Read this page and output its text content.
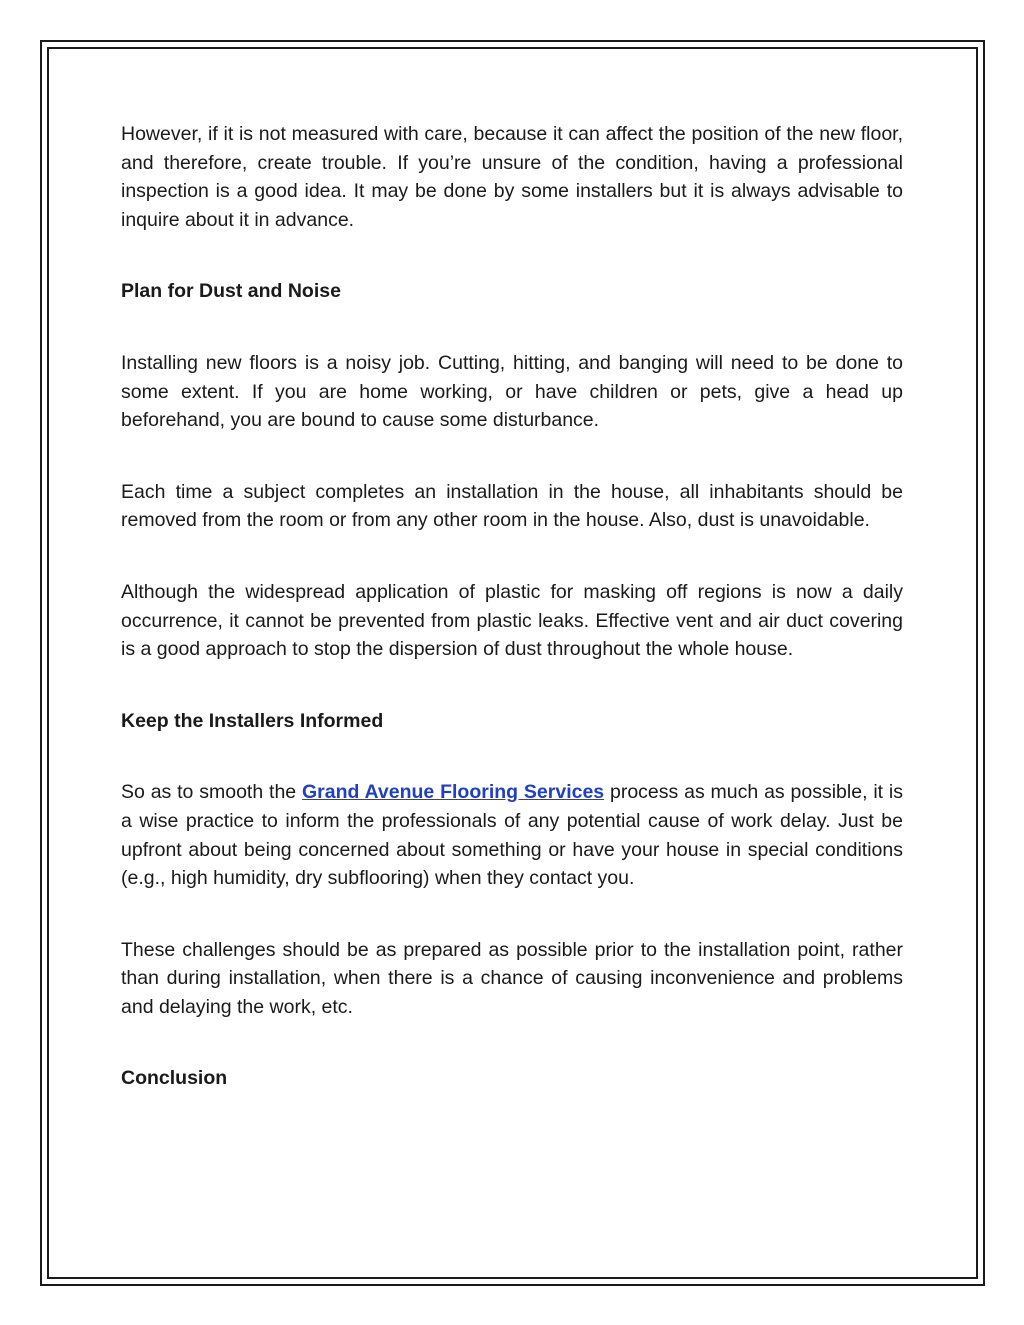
However, if it is not measured with care, because it can affect the position of the new floor, and therefore, create trouble. If you’re unsure of the condition, having a professional inspection is a good idea. It may be done by some installers but it is always advisable to inquire about it in advance.

Plan for Dust and Noise

Installing new floors is a noisy job. Cutting, hitting, and banging will need to be done to some extent. If you are home working, or have children or pets, give a head up beforehand, you are bound to cause some disturbance.

Each time a subject completes an installation in the house, all inhabitants should be removed from the room or from any other room in the house. Also, dust is unavoidable.

Although the widespread application of plastic for masking off regions is now a daily occurrence, it cannot be prevented from plastic leaks. Effective vent and air duct covering is a good approach to stop the dispersion of dust throughout the whole house.

Keep the Installers Informed

So as to smooth the Grand Avenue Flooring Services process as much as possible, it is a wise practice to inform the professionals of any potential cause of work delay. Just be upfront about being concerned about something or have your house in special conditions (e.g., high humidity, dry subflooring) when they contact you.

These challenges should be as prepared as possible prior to the installation point, rather than during installation, when there is a chance of causing inconvenience and problems and delaying the work, etc.

Conclusion
